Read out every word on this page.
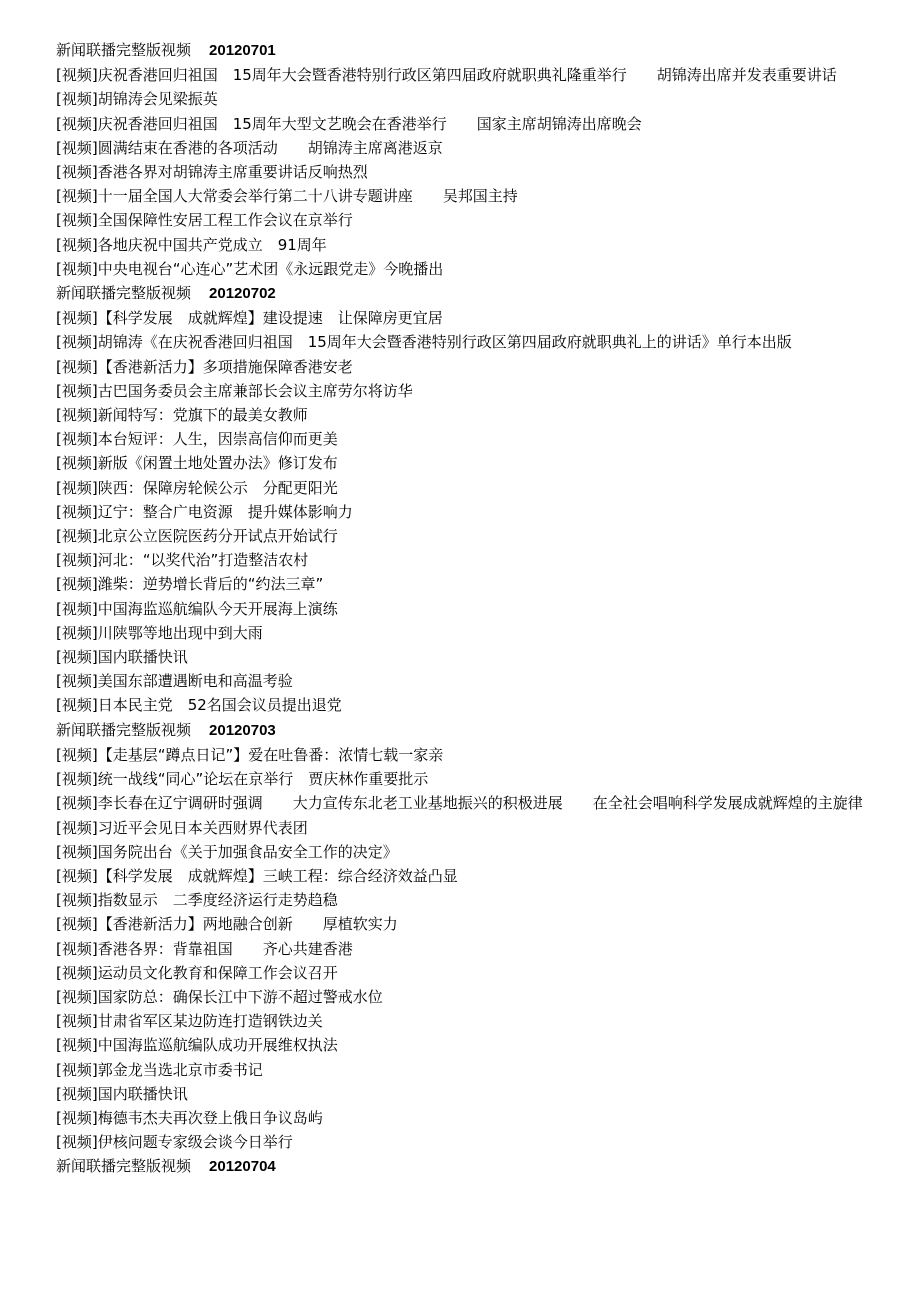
新闻联播完整版视频 20120701
[视频]庆祝香港回归祖国　15周年大会暨香港特别行政区第四届政府就职典礼隆重举行　　胡锦涛出席并发表重要讲话
[视频]胡锦涛会见梁振英
[视频]庆祝香港回归祖国　15周年大型文艺晚会在香港举行　　国家主席胡锦涛出席晚会
[视频]圆满结束在香港的各项活动　　胡锦涛主席离港返京
[视频]香港各界对胡锦涛主席重要讲话反响热烈
[视频]十一届全国人大常委会举行第二十八讲专题讲座　　吴邦国主持
[视频]全国保障性安居工程工作会议在京举行
[视频]各地庆祝中国共产党成立　91周年
[视频]中央电视台“心连心”艺术团《永远跟党走》今晚播出
新闻联播完整版视频 20120702
[视频]【科学发展　成就辉煌】建设提速　让保障房更宜居
[视频]胡锦涛《在庆祝香港回归祖国　15周年大会暨香港特别行政区第四届政府就职典礼上的讲话》单行本出版
[视频]【香港新活力】多项措施保障香港安老
[视频]古巴国务委员会主席兼部长会议主席劳尔将访华
[视频]新闻特写：党旗下的最美女教师
[视频]本台短评：人生，因崇高信仰而更美
[视频]新版《闲置土地处置办法》修订发布
[视频]陕西：保障房轮候公示　分配更阳光
[视频]辽宁：整合广电资源　提升媒体影响力
[视频]北京公立医院医药分开试点开始试行
[视频]河北：“以奖代治”打造整洁农村
[视频]潍柴：逆势增长背后的“约法三章”
[视频]中国海监巡航编队今天开展海上演练
[视频]川陕鄂等地出现中到大雨
[视频]国内联播快讯
[视频]美国东部遭遇断电和高温考验
[视频]日本民主党　52名国会议员提出退党
新闻联播完整版视频 20120703
[视频]【走基层“蹲点日记”】爱在吐鲁番：浓情七载一家亲
[视频]统一战线“同心”论坛在京举行　贾庆林作重要批示
[视频]李长春在辽宁调研时强调　　大力宣传东北老工业基地振兴的积极进展　　在全社会唱响科学发展成就辉煌的主旋律
[视频]习近平会见日本关西财界代表团
[视频]国务院出台《关于加强食品安全工作的决定》
[视频]【科学发展　成就辉煌】三峡工程：综合经济效益凸显
[视频]指数显示　二季度经济运行走势趋稳
[视频]【香港新活力】两地融合创新　　厚植软实力
[视频]香港各界：背靠祖国　　齐心共建香港
[视频]运动员文化教育和保障工作会议召开
[视频]国家防总：确保长江中下游不超过警戒水位
[视频]甘肃省军区某边防连打造钢铁边关
[视频]中国海监巡航编队成功开展维权执法
[视频]郭金龙当选北京市委书记
[视频]国内联播快讯
[视频]梅德韦杰夫再次登上俄日争议岛屿
[视频]伊核问题专家级会谈今日举行
新闻联播完整版视频 20120704
